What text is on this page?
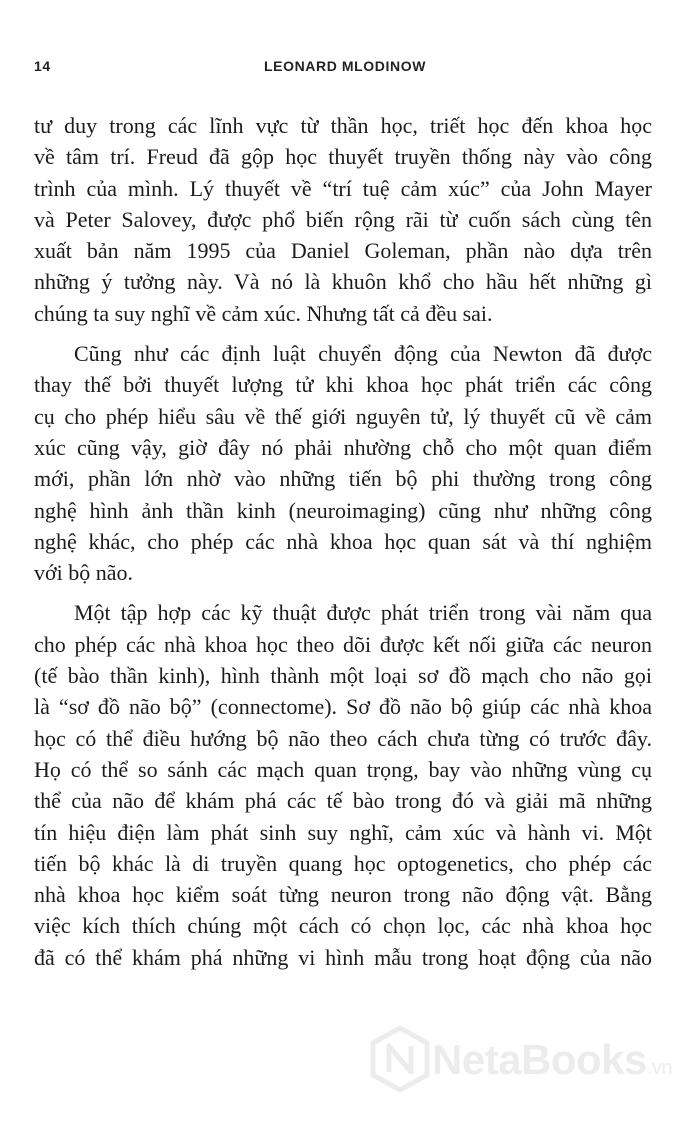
14	LEONARD MLODINOW

tư duy trong các lĩnh vực từ thần học, triết học đến khoa học
về tâm trí. Freud đã gộp học thuyết truyền thống này vào công
trình của mình. Lý thuyết về “trí tuệ cảm xúc” của John Mayer
và Peter Salovey, được phổ biến rộng rãi từ cuốn sách cùng tên
xuất bản năm 1995 của Daniel Goleman, phần nào dựa trên
những ý tưởng này. Và nó là khuôn khổ cho hầu hết những gì
chúng ta suy nghĩ về cảm xúc. Nhưng tất cả đều sai.

Cũng như các định luật chuyển động của Newton đã được
thay thế bởi thuyết lượng tử khi khoa học phát triển các công
cụ cho phép hiểu sâu về thế giới nguyên tử, lý thuyết cũ về cảm
xúc cũng vậy, giờ đây nó phải nhường chỗ cho một quan điểm
mới, phần lớn nhờ vào những tiến bộ phi thường trong công
nghệ hình ảnh thần kinh (neuroimaging) cũng như những công
nghệ khác, cho phép các nhà khoa học quan sát và thí nghiệm
với bộ não.

Một tập hợp các kỹ thuật được phát triển trong vài năm qua
cho phép các nhà khoa học theo dõi được kết nối giữa các neuron
(tế bào thần kinh), hình thành một loại sơ đồ mạch cho não gọi
là “sơ đồ não bộ” (connectome). Sơ đồ não bộ giúp các nhà khoa
học có thể điều hướng bộ não theo cách chưa từng có trước đây.
Họ có thể so sánh các mạch quan trọng, bay vào những vùng cụ
thể của não để khám phá các tế bào trong đó và giải mã những
tín hiệu điện làm phát sinh suy nghĩ, cảm xúc và hành vi. Một
tiến bộ khác là di truyền quang học optogenetics, cho phép các
nhà khoa học kiểm soát từng neuron trong não động vật. Bằng
việc kích thích chúng một cách có chọn lọc, các nhà khoa học
đã có thể khám phá những vi hình mẫu trong hoạt động của não

NetaBooks.vn
